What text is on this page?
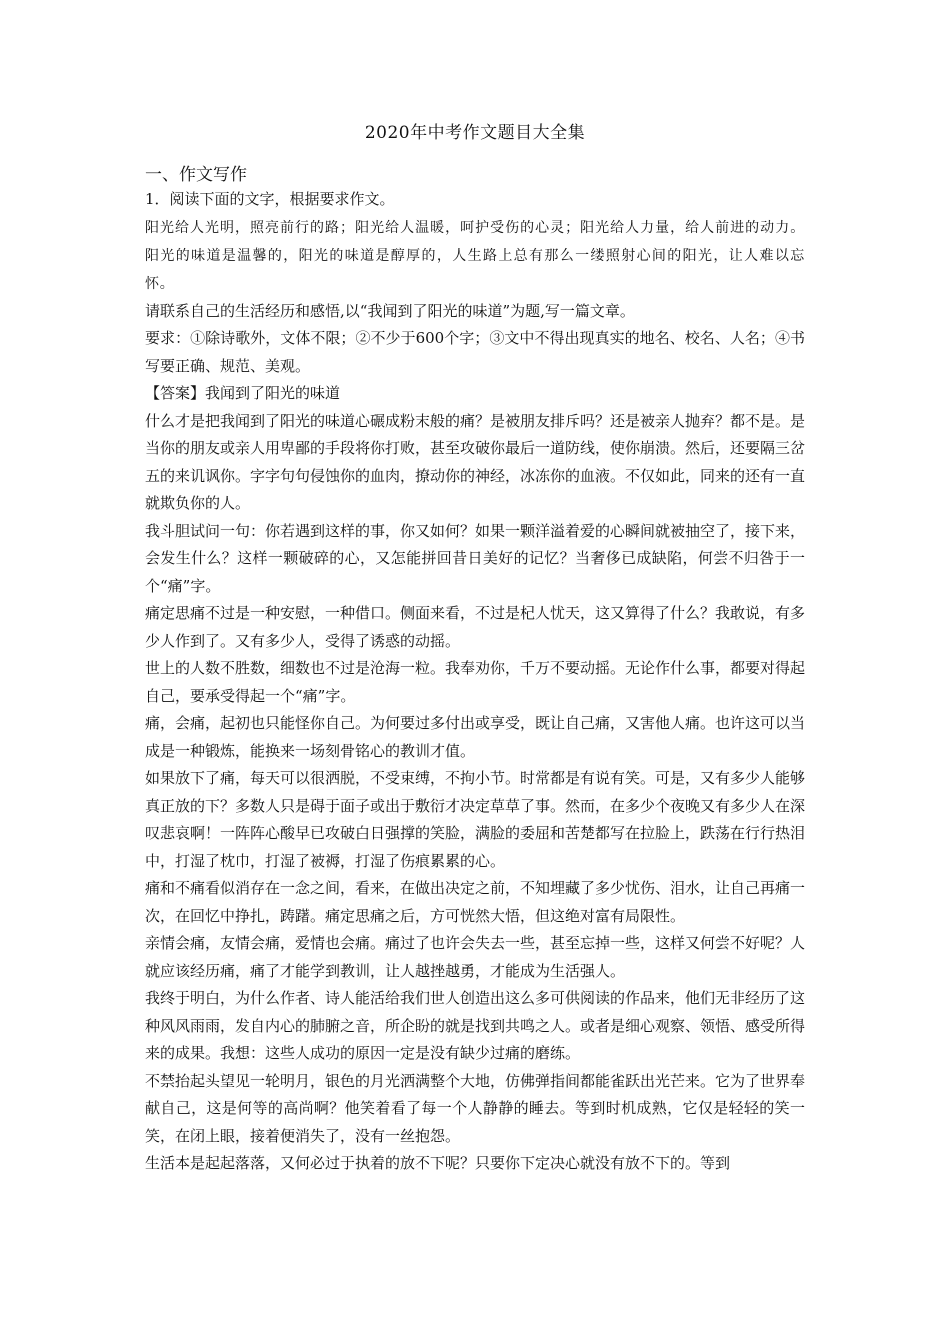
2020年中考作文题目大全集
一、作文写作

1．阅读下面的文字，根据要求作文。

阳光给人光明，照亮前行的路；阳光给人温暖，呵护受伤的心灵；阳光给人力量，给人前进的动力。阳光的味道是温馨的，阳光的味道是醇厚的，人生路上总有那么一缕照射心间的阳光，让人难以忘怀。

请联系自己的生活经历和感悟,以“我闻到了阳光的味道”为题,写一篇文章。

要求：①除诗歌外，文体不限；②不少于600个字；③文中不得出现真实的地名、校名、人名；④书写要正确、规范、美观。

【答案】我闻到了阳光的味道

什么才是把我闻到了阳光的味道心碾成粉末般的痛？是被朋友排斥吗？还是被亲人抛弃？都不是。是当你的朋友或亲人用卑鄙的手段将你打败，甚至攻破你最后一道防线，使你崩溃。然后，还要隔三岔五的来讥讽你。字字句句侵蚀你的血肉，撩动你的神经，冰冻你的血液。不仅如此，同来的还有一直就欺负你的人。

我斗胆试问一句：你若遇到这样的事，你又如何？如果一颗洋溢着爱的心瞬间就被抽空了，接下来，会发生什么？这样一颗破碎的心，又怎能拼回昔日美好的记忆？当奢侈已成缺陷，何尝不归咎于一个“痛”字。

痛定思痛不过是一种安慰，一种借口。侧面来看，不过是杞人忧天，这又算得了什么？我敢说，有多少人作到了。又有多少人，受得了诱惑的动摇。

世上的人数不胜数，细数也不过是沧海一粒。我奉劝你，千万不要动摇。无论作什么事，都要对得起自己，要承受得起一个“痛”字。

痛，会痛，起初也只能怪你自己。为何要过多付出或享受，既让自己痛，又害他人痛。也许这可以当成是一种锻炼，能换来一场刻骨铭心的教训才值。

如果放下了痛，每天可以很洒脱，不受束缚，不拘小节。时常都是有说有笑。可是，又有多少人能够真正放的下？多数人只是碍于面子或出于敷衍才决定草草了事。然而，在多少个夜晚又有多少人在深叹悲哀啊！一阵阵心酸早已攻破白日强撑的笑脸，满脸的委屈和苦楚都写在拉脸上，跌荡在行行热泪中，打湿了枕巾，打湿了被褥，打湿了伤痕累累的心。

痛和不痛看似消存在一念之间，看来，在做出决定之前，不知埋藏了多少忧伤、泪水，让自己再痛一次，在回忆中挣扎，踌躇。痛定思痛之后，方可恍然大悟，但这绝对富有局限性。

亲情会痛，友情会痛，爱情也会痛。痛过了也许会失去一些，甚至忘掉一些，这样又何尝不好呢？人就应该经历痛，痛了才能学到教训，让人越挫越勇，才能成为生活强人。

我终于明白，为什么作者、诗人能活给我们世人创造出这么多可供阅读的作品来，他们无非经历了这种风风雨雨，发自内心的肺腑之音，所企盼的就是找到共鸣之人。或者是细心观察、领悟、感受所得来的成果。我想：这些人成功的原因一定是没有缺少过痛的磨练。

不禁抬起头望见一轮明月，银色的月光洒满整个大地，仿佛弹指间都能雀跃出光芒来。它为了世界奉献自己，这是何等的高尚啊？他笑着看了每一个人静静的睡去。等到时机成熟，它仅是轻轻的笑一笑，在闭上眼，接着便消失了，没有一丝抱怨。

生活本是起起落落，又何必过于执着的放不下呢？只要你下定决心就没有放不下的。等到
